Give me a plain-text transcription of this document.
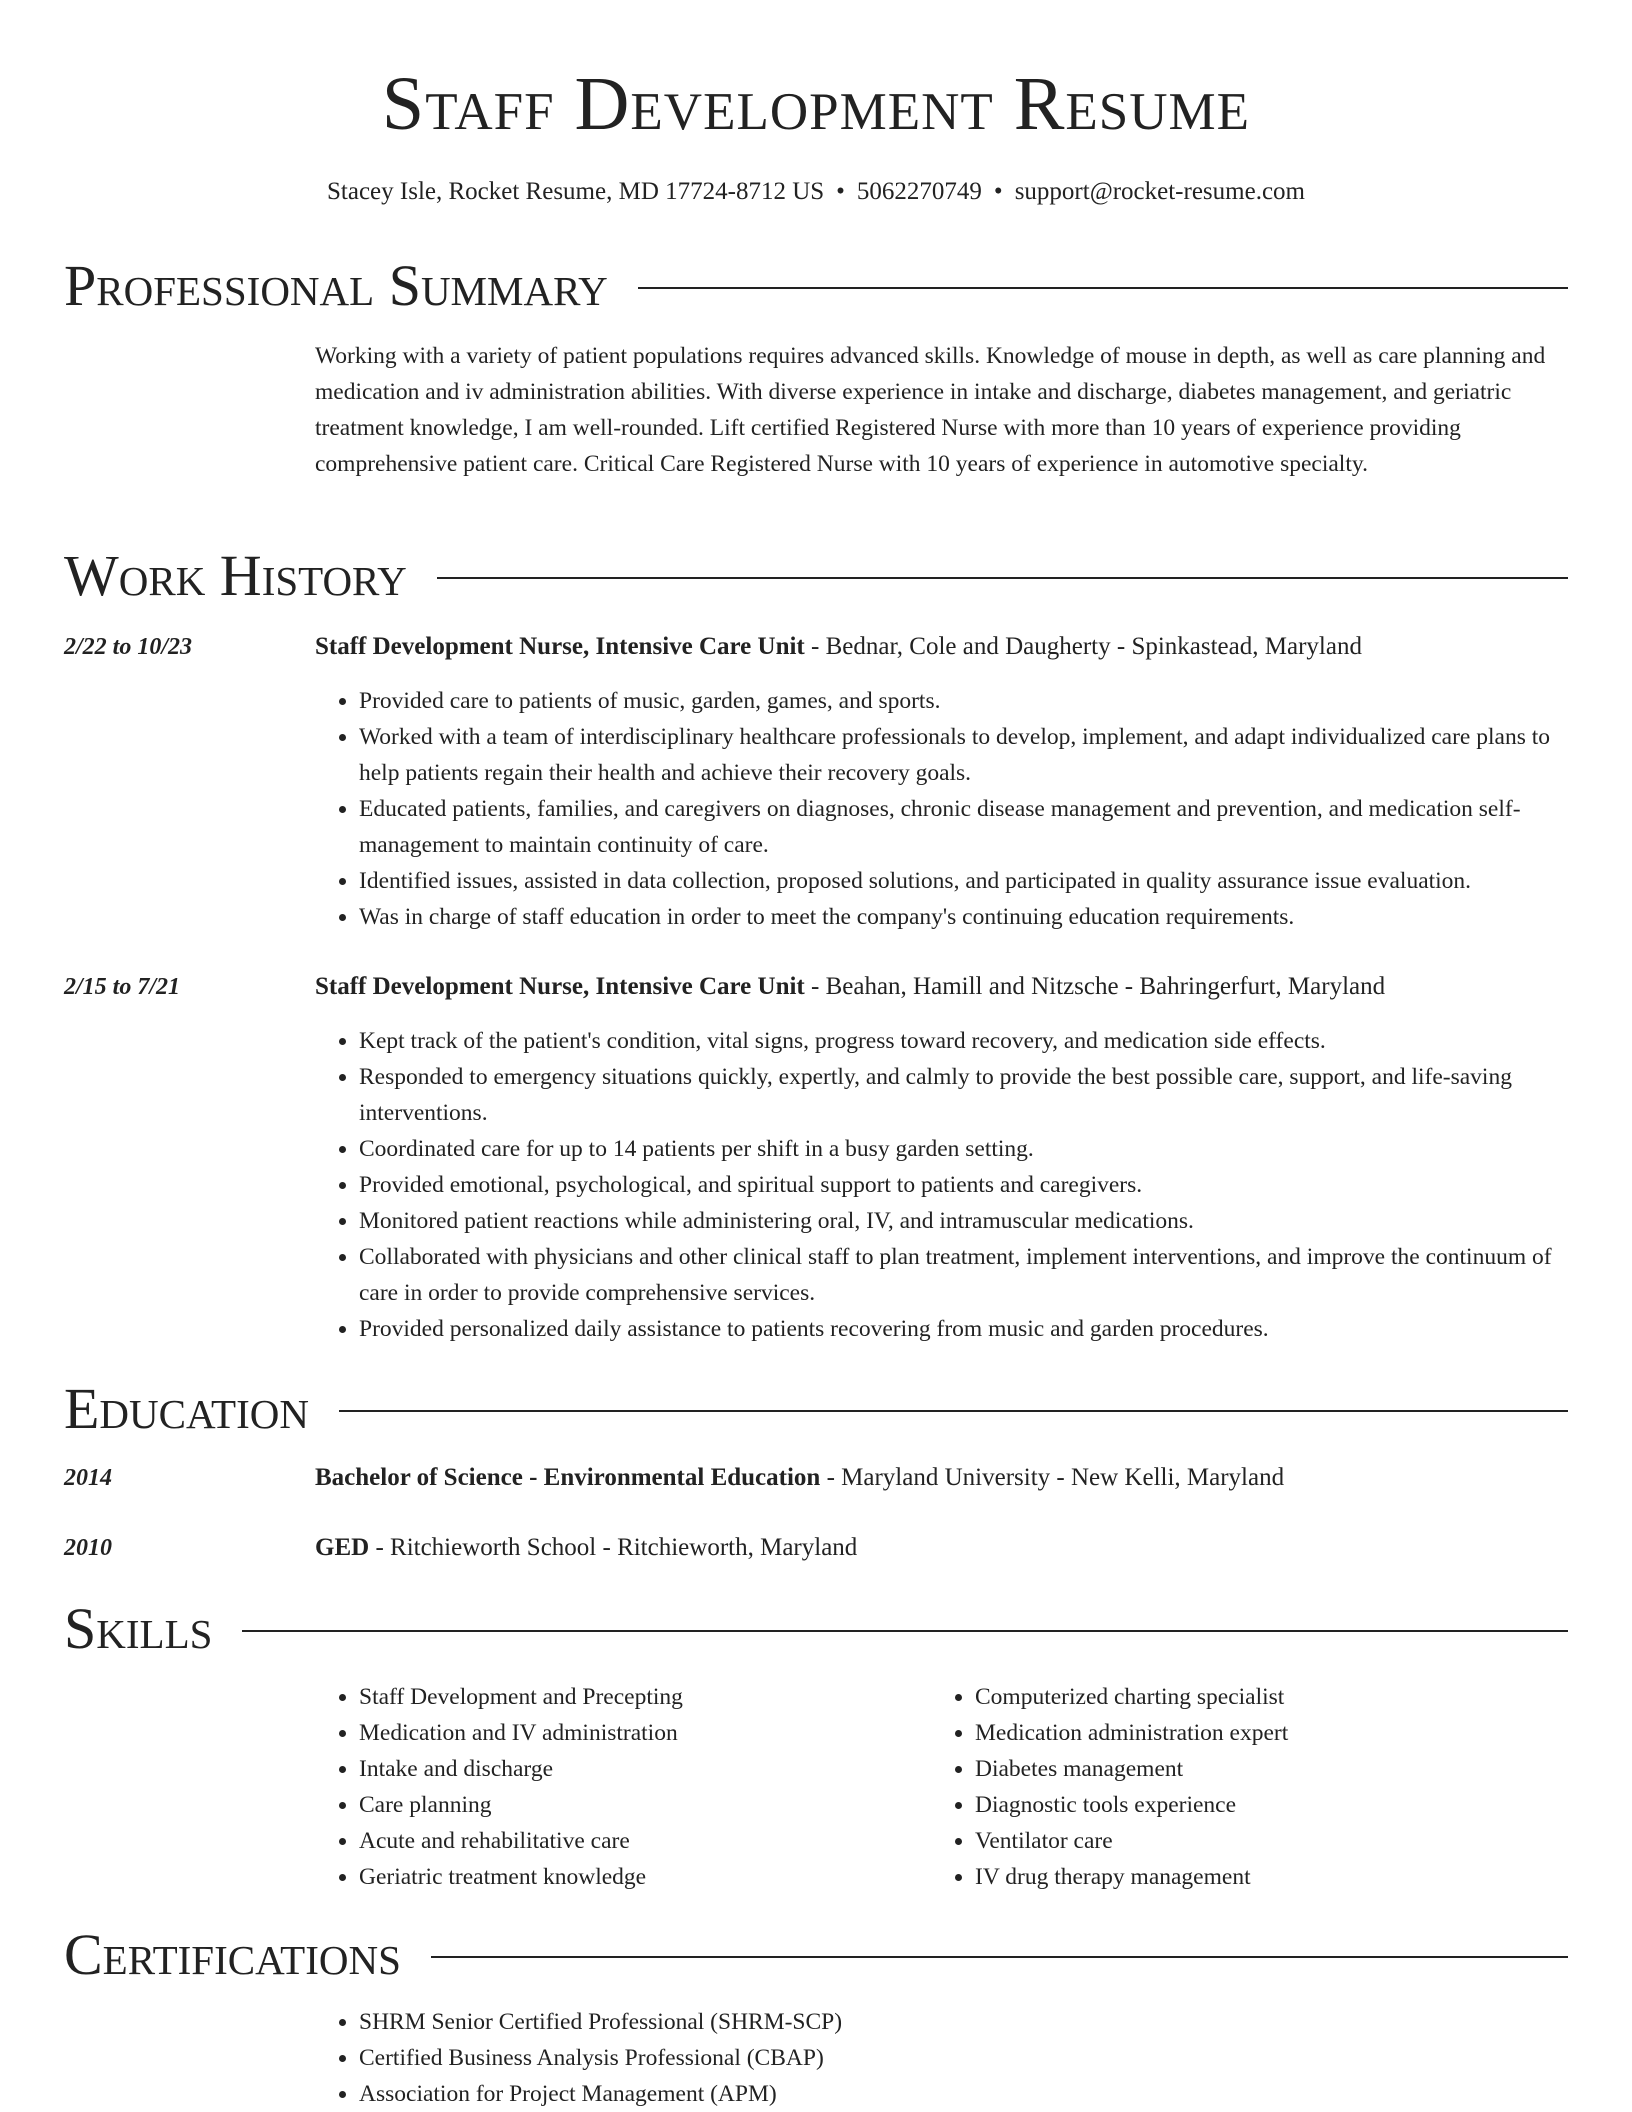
Staff Development Resume
Stacey Isle, Rocket Resume, MD 17724-8712 US • 5062270749 • support@rocket-resume.com
Professional Summary

Working with a variety of patient populations requires advanced skills. Knowledge of mouse in depth, as well as care planning and medication and iv administration abilities. With diverse experience in intake and discharge, diabetes management, and geriatric treatment knowledge, I am well-rounded. Lift certified Registered Nurse with more than 10 years of experience providing comprehensive patient care. Critical Care Registered Nurse with 10 years of experience in automotive specialty.

Work History
2/22 to 10/23	Staff Development Nurse, Intensive Care Unit - Bednar, Cole and Daugherty - Spinkastead, Maryland
• Provided care to patients of music, garden, games, and sports.
• Worked with a team of interdisciplinary healthcare professionals to develop, implement, and adapt individualized care plans to help patients regain their health and achieve their recovery goals.
• Educated patients, families, and caregivers on diagnoses, chronic disease management and prevention, and medication self-management to maintain continuity of care.
• Identified issues, assisted in data collection, proposed solutions, and participated in quality assurance issue evaluation.
• Was in charge of staff education in order to meet the company's continuing education requirements.
2/15 to 7/21	Staff Development Nurse, Intensive Care Unit - Beahan, Hamill and Nitzsche - Bahringerfurt, Maryland
• Kept track of the patient's condition, vital signs, progress toward recovery, and medication side effects.
• Responded to emergency situations quickly, expertly, and calmly to provide the best possible care, support, and life-saving interventions.
• Coordinated care for up to 14 patients per shift in a busy garden setting.
• Provided emotional, psychological, and spiritual support to patients and caregivers.
• Monitored patient reactions while administering oral, IV, and intramuscular medications.
• Collaborated with physicians and other clinical staff to plan treatment, implement interventions, and improve the continuum of care in order to provide comprehensive services.
• Provided personalized daily assistance to patients recovering from music and garden procedures.
Education
2014	Bachelor of Science - Environmental Education - Maryland University - New Kelli, Maryland
2010	GED - Ritchieworth School - Ritchieworth, Maryland
Skills
• Staff Development and Precepting
• Medication and IV administration
• Intake and discharge
• Care planning
• Acute and rehabilitative care
• Geriatric treatment knowledge
• Computerized charting specialist
• Medication administration expert
• Diabetes management
• Diagnostic tools experience
• Ventilator care
• IV drug therapy management
Certifications
• SHRM Senior Certified Professional (SHRM-SCP)
• Certified Business Analysis Professional (CBAP)
• Association for Project Management (APM)
